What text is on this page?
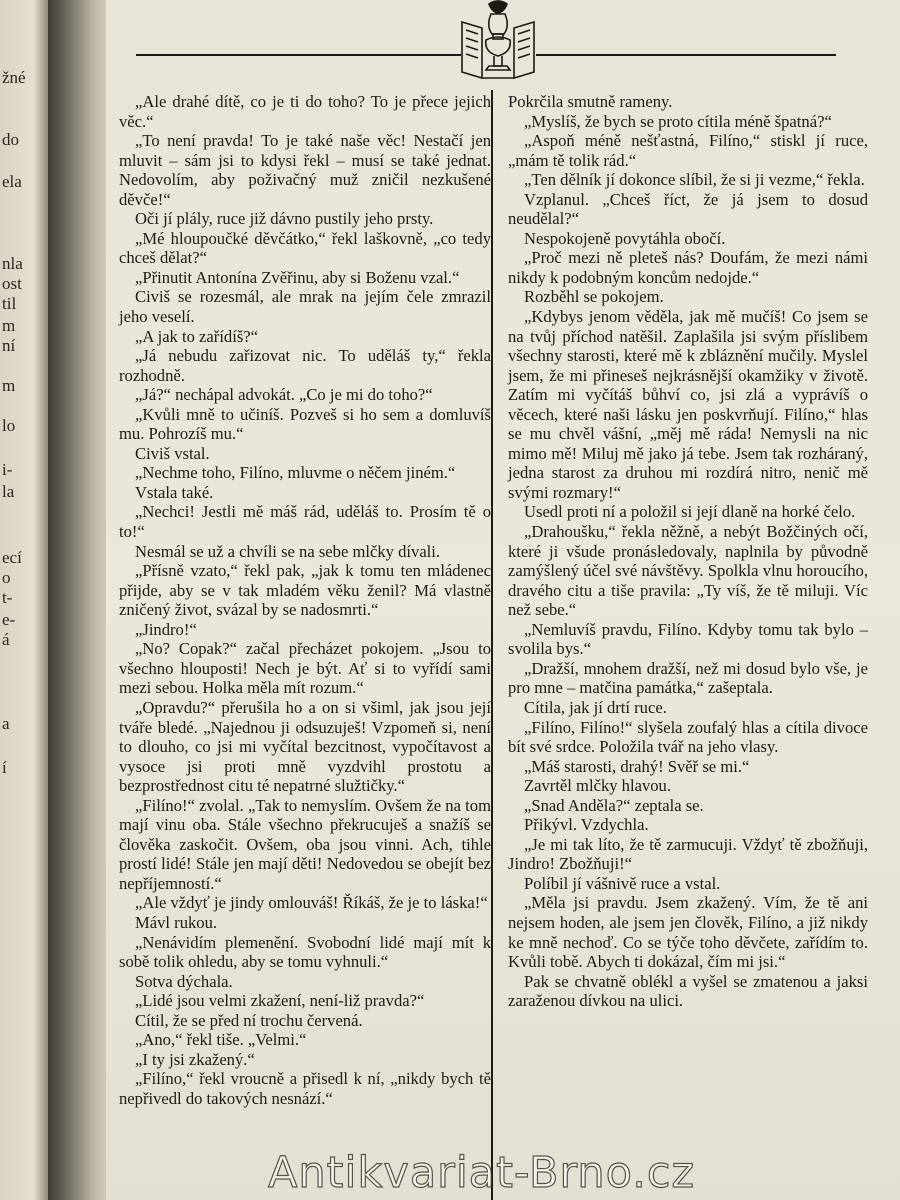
žné
do
ela
nla
ost
til
m
ní
m
lo
i-
la
ecí
o
t-
e-
á
a
í

„Ale drahé dítě, co je ti do toho? To je přece jejich věc.“

„To není pravda! To je také naše věc! Nestačí jen mluvit – sám jsi to kdysi řekl – musí se také jednat. Nedovolím, aby poživačný muž zničil nezkušené děvče!“

Oči jí plály, ruce již dávno pustily jeho prsty.

„Mé hloupoučké děvčátko,“ řekl laškovně, „co tedy chceš dělat?“

„Přinutit Antonína Zvěřinu, aby si Boženu vzal.“

Civiš se rozesmál, ale mrak na jejím čele zmrazil jeho veselí.

„A jak to zařídíš?“

„Já nebudu zařizovat nic. To uděláš ty,“ řekla rozhodně.

„Já?“ nechápal advokát. „Co je mi do toho?“

„Kvůli mně to učiníš. Pozveš si ho sem a domluvíš mu. Pohrozíš mu.“

Civiš vstal.

„Nechme toho, Filíno, mluvme o něčem jiném.“

Vstala také.

„Nechci! Jestli mě máš rád, uděláš to. Prosím tě o to!“

Nesmál se už a chvíli se na sebe mlčky dívali.

„Přísně vzato,“ řekl pak, „jak k tomu ten mládenec přijde, aby se v tak mladém věku ženil? Má vlastně zničený život, svázal by se nadosmrti.“

„Jindro!“

„No? Copak?“ začal přecházet pokojem. „Jsou to všechno hlouposti! Nech je být. Ať si to vyřídí sami mezi sebou. Holka měla mít rozum.“

„Opravdu?“ přerušila ho a on si všiml, jak jsou její tváře bledé. „Najednou ji odsuzuješ! Vzpomeň si, není to dlouho, co jsi mi vyčítal bezcitnost, vypočítavost a vysoce jsi proti mně vyzdvihl prostotu a bezprostřednost citu té nepatrné služtičky.“

„Filíno!“ zvolal. „Tak to nemyslím. Ovšem že na tom mají vinu oba. Stále všechno překrucuješ a snažíš se člověka zaskočit. Ovšem, oba jsou vinni. Ach, tihle prostí lidé! Stále jen mají děti! Nedovedou se obejít bez nepříjemností.“

„Ale vždyť je jindy omlouváš! Říkáš, že je to láska!“

Mávl rukou.

„Nenávidím plemenění. Svobodní lidé mají mít k sobě tolik ohledu, aby se tomu vyhnuli.“

Sotva dýchala.

„Lidé jsou velmi zkažení, není-liž pravda?“

Cítil, že se před ní trochu červená.

„Ano,“ řekl tiše. „Velmi.“

„I ty jsi zkažený.“

„Filíno,“ řekl vroucně a přisedl k ní, „nikdy bych tě nepřivedl do takových nesnází.“

Pokrčila smutně rameny.

„Myslíš, že bych se proto cítila méně špatná?“

„Aspoň méně nešťastná, Filíno,“ stiskl jí ruce, „mám tě tolik rád.“

„Ten dělník jí dokonce slíbil, že si ji vezme,“ řekla.

Vzplanul. „Chceš říct, že já jsem to dosud neudělal?“

Nespokojeně povytáhla obočí.

„Proč mezi ně pleteš nás? Doufám, že mezi námi nikdy k podobným koncům nedojde.“

Rozběhl se pokojem.

„Kdybys jenom věděla, jak mě mučíš! Co jsem se na tvůj příchod natěšil. Zaplašila jsi svým příslibem všechny starosti, které mě k zbláznění mučily. Myslel jsem, že mi přineseš nejkrásnější okamžiky v životě. Zatím mi vyčítáš bůhví co, jsi zlá a vyprávíš o věcech, které naši lásku jen poskvrňují. Filíno,“ hlas se mu chvěl vášní, „měj mě ráda! Nemysli na nic mimo mě! Miluj mě jako já tebe. Jsem tak rozháraný, jedna starost za druhou mi rozdírá nitro, nenič mě svými rozmary!“

Usedl proti ní a položil si její dlaně na horké čelo.

„Drahoušku,“ řekla něžně, a nebýt Božčiných očí, které ji všude pronásledovaly, naplnila by původně zamýšlený účel své návštěvy. Spolkla vlnu horoucího, dravého citu a tiše pravila: „Ty víš, že tě miluji. Víc než sebe.“

„Nemluvíš pravdu, Filíno. Kdyby tomu tak bylo – svolila bys.“

„Dražší, mnohem dražší, než mi dosud bylo vše, je pro mne – matčina památka,“ zašeptala.

Cítila, jak jí drtí ruce.

„Filíno, Filíno!“ slyšela zoufalý hlas a cítila divoce bít své srdce. Položila tvář na jeho vlasy.

„Máš starosti, drahý! Svěř se mi.“

Zavrtěl mlčky hlavou.

„Snad Anděla?“ zeptala se.

Přikývl. Vzdychla.

„Je mi tak líto, že tě zarmucuji. Vždyť tě zbožňuji, Jindro! Zbožňuji!“

Políbil jí vášnivě ruce a vstal.

„Měla jsi pravdu. Jsem zkažený. Vím, že tě ani nejsem hoden, ale jsem jen člověk, Filíno, a již nikdy ke mně nechoď. Co se týče toho děvčete, zařídím to. Kvůli tobě. Abych ti dokázal, čím mi jsi.“

Pak se chvatně oblékl a vyšel se zmatenou a jaksi zaraženou dívkou na ulici.

Antikvariat-Brno.cz
